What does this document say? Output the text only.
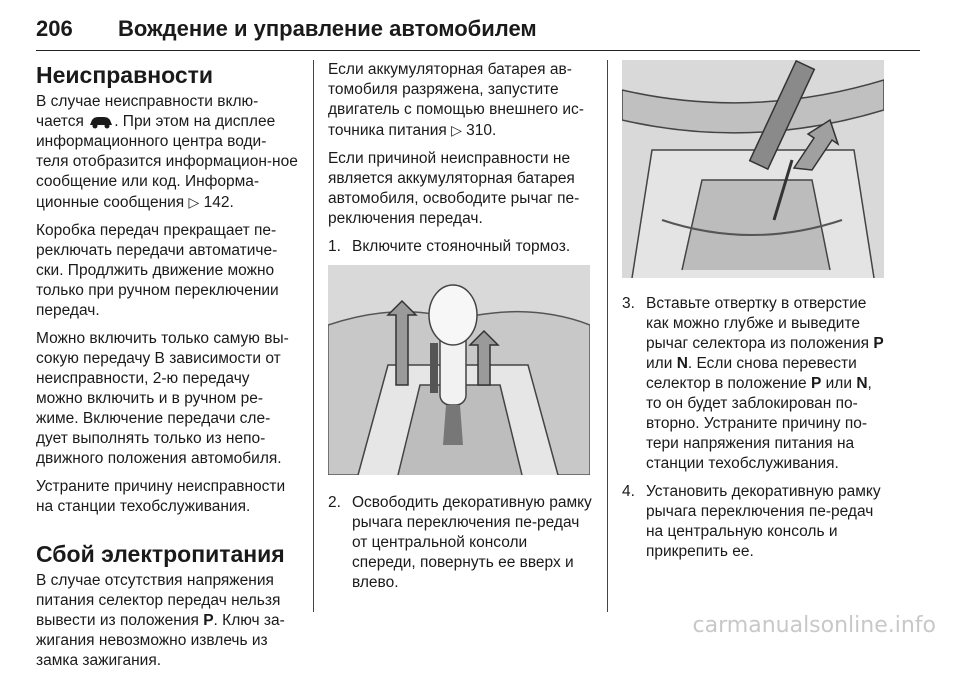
206 Вождение и управление автомобилем
Неисправности

В случае неисправности вклю-чается . При этом на дисплее информационного центра води-теля отобразится информацион-ное сообщение или код. Информа-ционные сообщения ▷ 142.

Коробка передач прекращает пе-реключать передачи автоматиче-ски. Продлжить движение можно только при ручном переключении передач.

Можно включить только самую вы-сокую передачу В зависимости от неисправности, 2-ю передачу можно включить и в ручном ре-жиме. Включение передачи сле-дует выполнять только из непо-движного положения автомобиля.

Устраните причину неисправности на станции техобслуживания.

Сбой электропитания

В случае отсутствия напряжения питания селектор передач нельзя вывести из положения P. Ключ за-жигания невозможно извлечь из замка зажигания.

Если аккумуляторная батарея ав-томобиля разряжена, запустите двигатель с помощью внешнего ис-точника питания ▷ 310.

Если причиной неисправности не является аккумуляторная батарея автомобиля, освободите рычаг пе-реключения передач.

1. Включите стояночный тормоз.
2. Освободить декоративную рамку рычага переключения пе-редач от центральной консоли спереди, повернуть ее вверх и влево.
3. Вставьте отвертку в отверстие как можно глубже и выведите рычаг селектора из положения P или N. Если снова перевести селектор в положение P или N, то он будет заблокирован по-вторно. Устраните причину по-тери напряжения питания на станции техобслуживания.
4. Установить декоративную рамку рычага переключения пе-редач на центральную консоль и прикрепить ее.
carmanualsonline.info
